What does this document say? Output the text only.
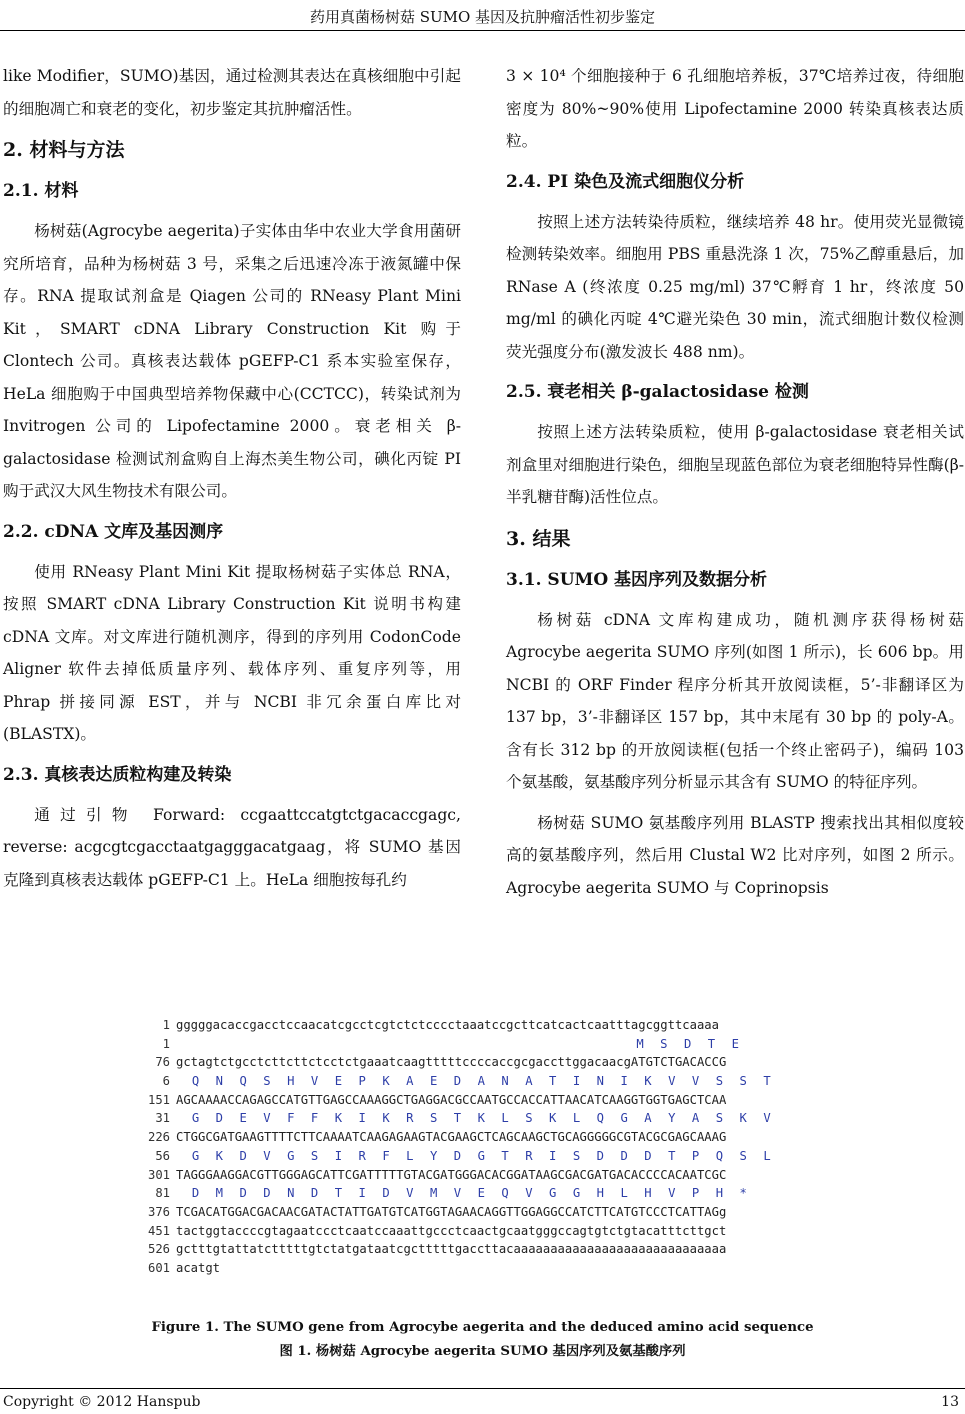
药用真菌杨树菇 SUMO 基因及抗肿瘤活性初步鉴定

like Modifier，SUMO)基因，通过检测其表达在真核细胞中引起的细胞凋亡和衰老的变化，初步鉴定其抗肿瘤活性。

2. 材料与方法
2.1. 材料

杨树菇(Agrocybe aegerita)子实体由华中农业大学食用菌研究所培育，品种为杨树菇 3 号，采集之后迅速冷冻于液氮罐中保存。RNA 提取试剂盒是 Qiagen 公司的 RNeasy Plant Mini Kit，SMART cDNA Library Construction Kit 购于 Clontech 公司。真核表达载体 pGEFP-C1 系本实验室保存，HeLa 细胞购于中国典型培养物保藏中心(CCTCC)，转染试剂为 Invitrogen 公司的 Lipofectamine 2000。衰老相关 β-galactosidase 检测试剂盒购自上海杰美生物公司，碘化丙锭 PI 购于武汉大风生物技术有限公司。

2.2. cDNA 文库及基因测序

使用 RNeasy Plant Mini Kit 提取杨树菇子实体总 RNA，按照 SMART cDNA Library Construction Kit 说明书构建 cDNA 文库。对文库进行随机测序，得到的序列用 CodonCode Aligner 软件去掉低质量序列、载体序列、重复序列等，用 Phrap 拼接同源 EST，并与 NCBI 非冗余蛋白库比对(BLASTX)。

2.3. 真核表达质粒构建及转染

通过引物 Forward: ccgaattccatgtctgacaccgagc, reverse: acgcgtcgacctaatgagggacatgaag，将 SUMO 基因克隆到真核表达载体 pGEFP-C1 上。HeLa 细胞按每孔约

3 × 10⁴ 个细胞接种于 6 孔细胞培养板，37℃培养过夜，待细胞密度为 80%~90%使用 Lipofectamine 2000 转染真核表达质粒。

2.4. PI 染色及流式细胞仪分析

按照上述方法转染待质粒，继续培养 48 hr。使用荧光显微镜检测转染效率。细胞用 PBS 重悬洗涤 1 次，75%乙醇重悬后，加 RNase A (终浓度 0.25 mg/ml) 37℃孵育 1 hr，终浓度 50 mg/ml 的碘化丙啶 4℃避光染色 30 min，流式细胞计数仪检测荧光强度分布(激发波长 488 nm)。

2.5. 衰老相关 β-galactosidase 检测

按照上述方法转染质粒，使用 β-galactosidase 衰老相关试剂盒里对细胞进行染色，细胞呈现蓝色部位为衰老细胞特异性酶(β-半乳糖苷酶)活性位点。

3. 结果
3.1. SUMO 基因序列及数据分析

杨树菇 cDNA 文库构建成功，随机测序获得杨树菇 Agrocybe aegerita SUMO 序列(如图 1 所示)，长 606 bp。用 NCBI 的 ORF Finder 程序分析其开放阅读框，5’-非翻译区为 137 bp，3’-非翻译区 157 bp，其中末尾有 30 bp 的 poly-A。含有长 312 bp 的开放阅读框(包括一个终止密码子)，编码 103 个氨基酸，氨基酸序列分析显示其含有 SUMO 的特征序列。

杨树菇 SUMO 氨基酸序列用 BLASTP 搜索找出其相似度较高的氨基酸序列，然后用 Clustal W2 比对序列，如图 2 所示。Agrocybe aegerita SUMO 与 Coprinopsis

1 gggggacaccgacctccaacatcgcctcgtctctcccctaaatccgcttcatcactcaatttagcggttcaaaa
1 M  S  D  T  E
76 gctagtctgcctcttcttctcctctgaaatcaagtttttccccaccgcgaccttggacaacgATGTCTGACACCG
6 Q  N  Q  S  H  V  E  P  K  A  E  D  A  N  A  T  I  N  I  K  V  V  S  S  T
151 AGCAAAACCAGAGCCATGTTGAGCCAAAGGCTGAGGACGCCAATGCCACCATTAACATCAAGGTGGTGAGCTCAA
31 G  D  E  V  F  F  K  I  K  R  S  T  K  L  S  K  L  Q  G  A  Y  A  S  K  V
226 CTGGCGATGAAGTTTTCTTCAAAATCAAGAGAAGTACGAAGCTCAGCAAGCTGCAGGGGGCGTACGCGAGCAAAG
56 G  K  D  V  G  S  I  R  F  L  Y  D  G  T  R  I  S  D  D  D  T  P  Q  S  L
301 TAGGGAAGGACGTTGGGAGCATTCGATTTTTGTACGATGGGACACGGATAAGCGACGATGACACCCCACAATCGC
81 D  M  D  D  N  D  T  I  D  V  M  V  E  Q  V  G  G  H  L  H  V  P  H  *
376 TCGACATGGACGACAACGATACTATTGATGTCATGGTAGAACAGGTTGGAGGCCATCTTCATGTCCCTCATTAGg
451 tactggtaccccgtagaatccctcaatccaaattgccctcaactgcaatgggccagtgtctgtacatttcttgct
526 gctttgtattatctttttgtctatgataatcgctttttgaccttacaaaaaaaaaaaaaaaaaaaaaaaaaaaaa
601 acatgt
Figure 1. The SUMO gene from Agrocybe aegerita and the deduced amino acid sequence
图 1. 杨树菇 Agrocybe aegerita SUMO 基因序列及氨基酸序列
Copyright © 2012 Hanspub	13
